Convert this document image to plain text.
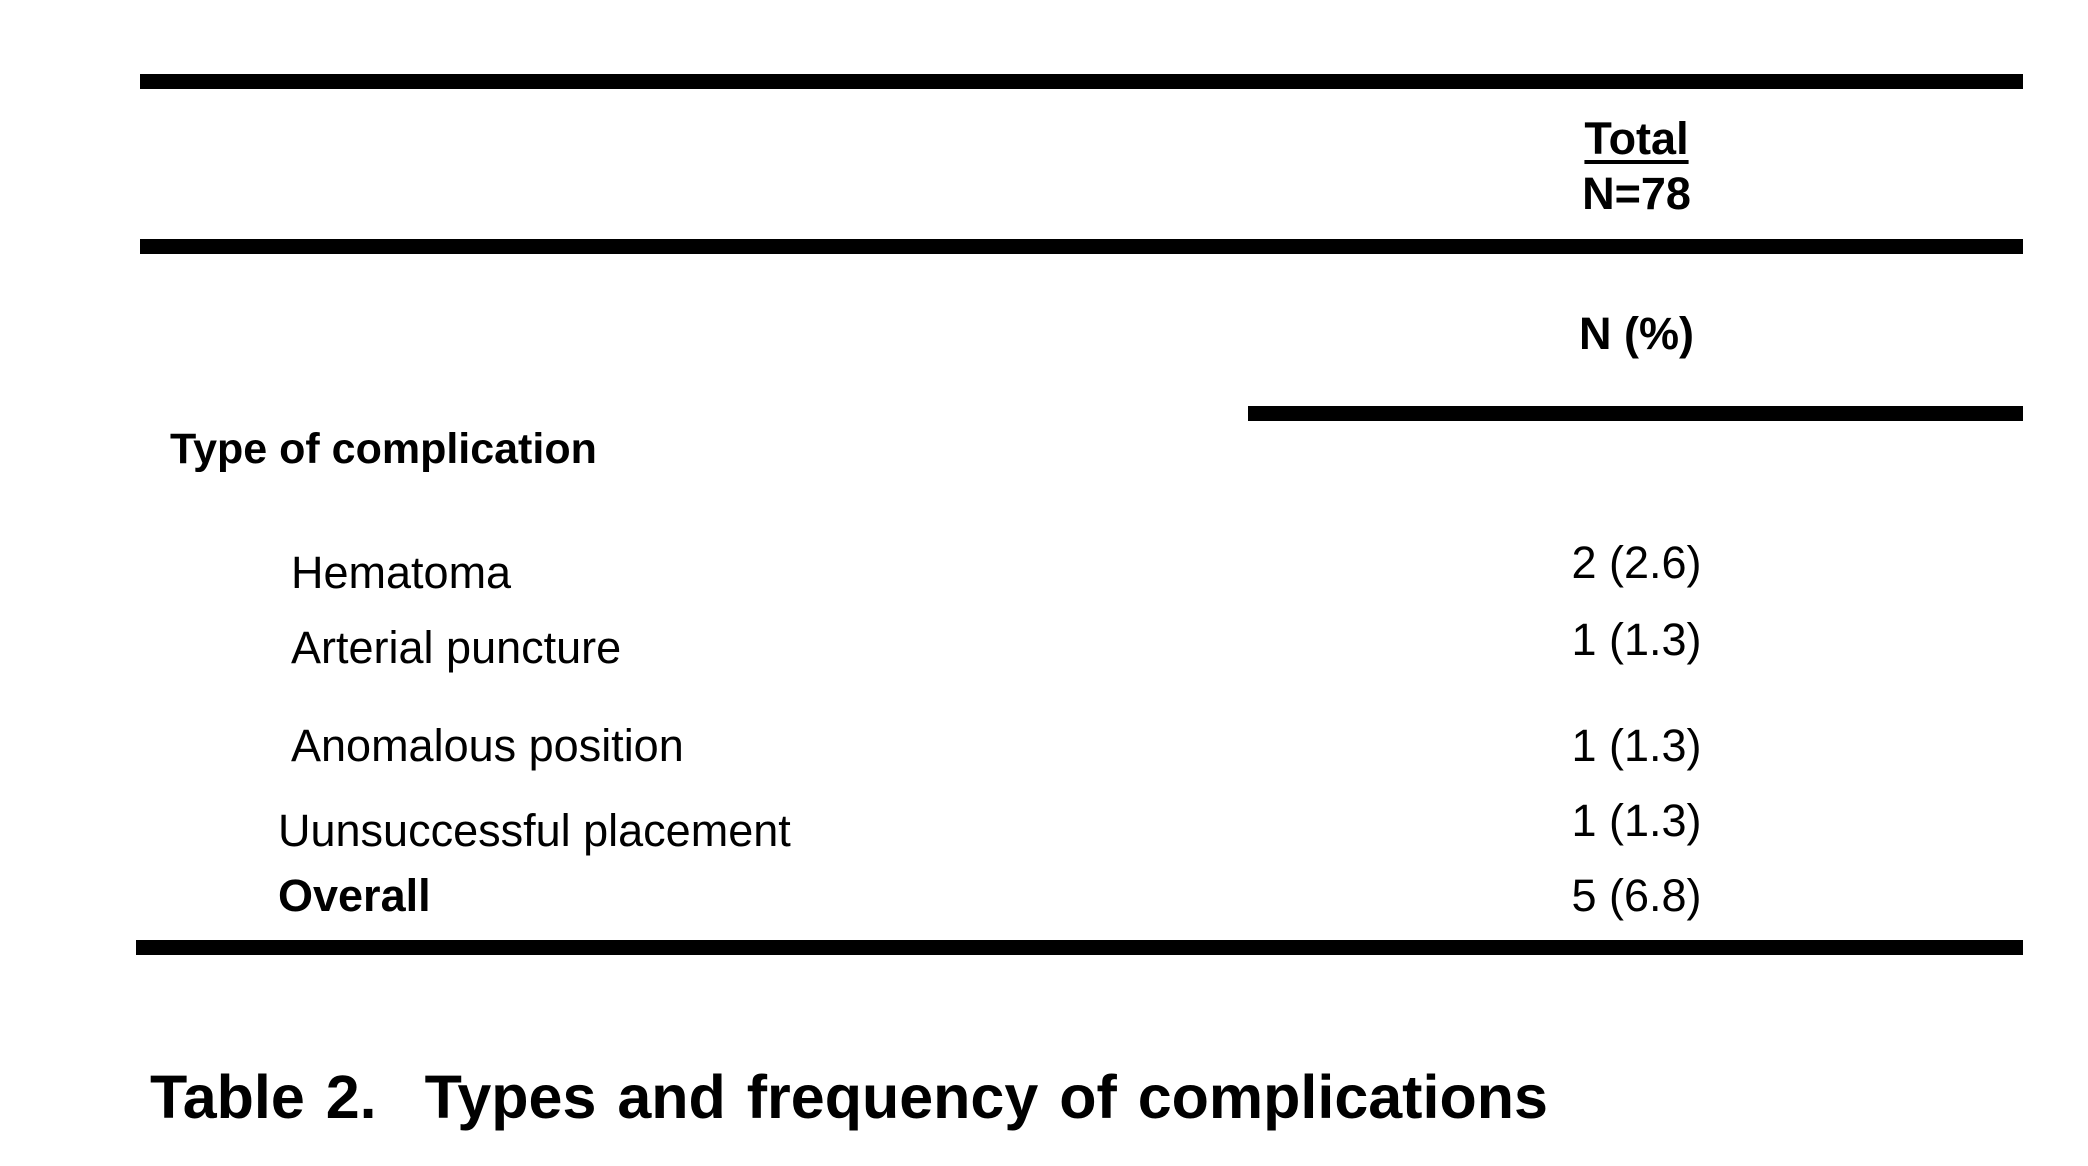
Total
N=78
N (%)
Type of complication
Hematoma	2 (2.6)
Arterial puncture	1 (1.3)
Anomalous position	1 (1.3)
Uunsuccessful placement	1 (1.3)
Overall	5 (6.8)
Table 2. Types and frequency of complications
